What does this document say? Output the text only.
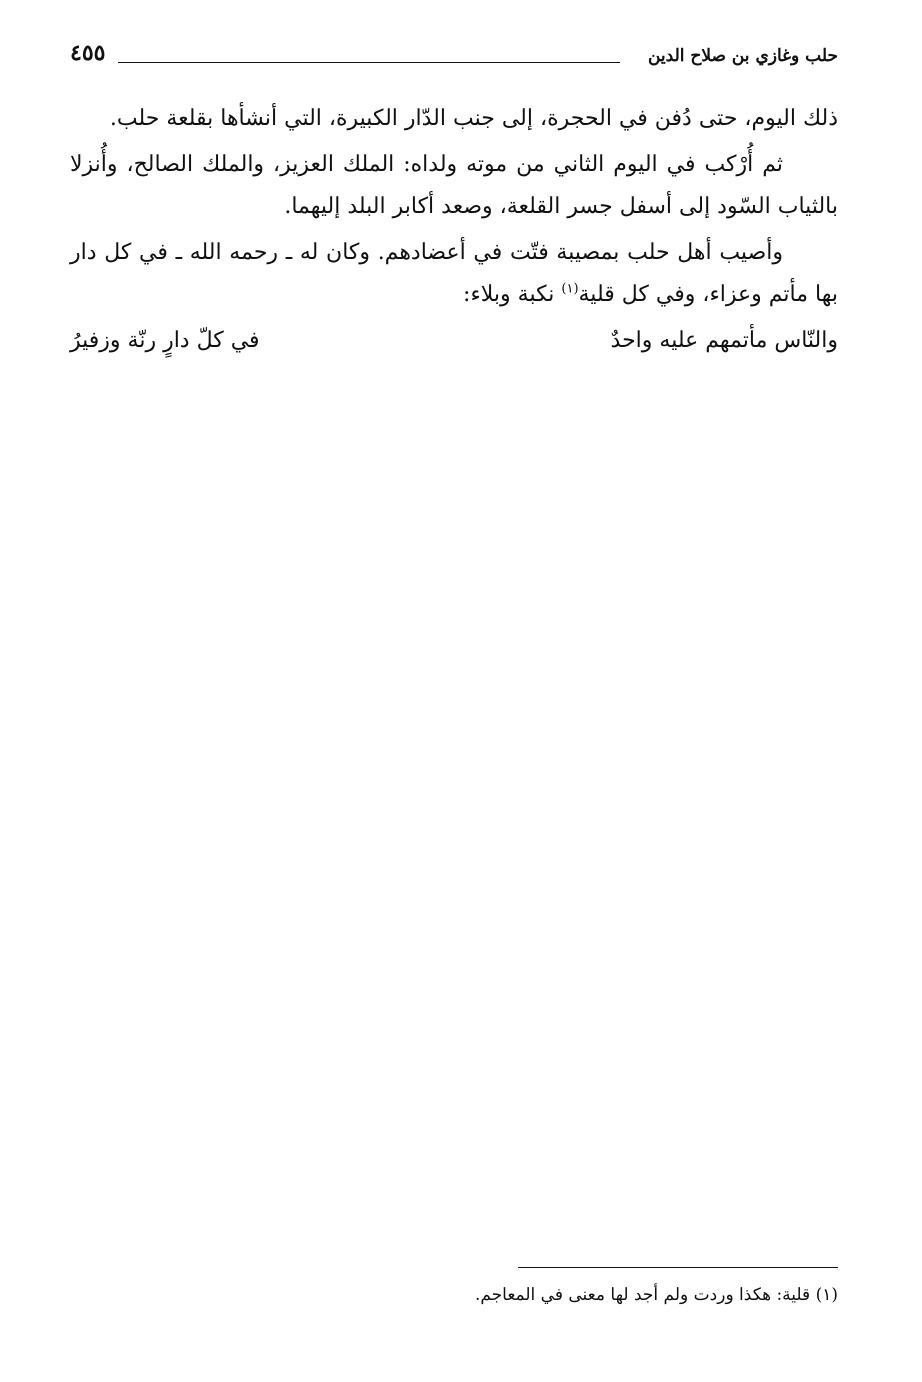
حلب وغازي بن صلاح الدين
٤٥٥

ذلك اليوم، حتى دُفن في الحجرة، إلى جنب الدّار الكبيرة، التي أنشأها بقلعة حلب.

ثم أُرْكب في اليوم الثاني من موته ولداه: الملك العزيز، والملك الصالح، وأُنزلا بالثياب السّود إلى أسفل جسر القلعة، وصعد أكابر البلد إليهما.

وأصيب أهل حلب بمصيبة فتّت في أعضادهم. وكان له ـ رحمه الله ـ في كل دار بها مأتم وعزاء، وفي كل قلية$^{(١)}$ نكبة وبلاء:

والنّاس مأتمهم عليه واحدٌ
في كلّ دارٍ رنّة وزفيرُ
(١) قلية: هكذا وردت ولم أجد لها معنى في المعاجم.
